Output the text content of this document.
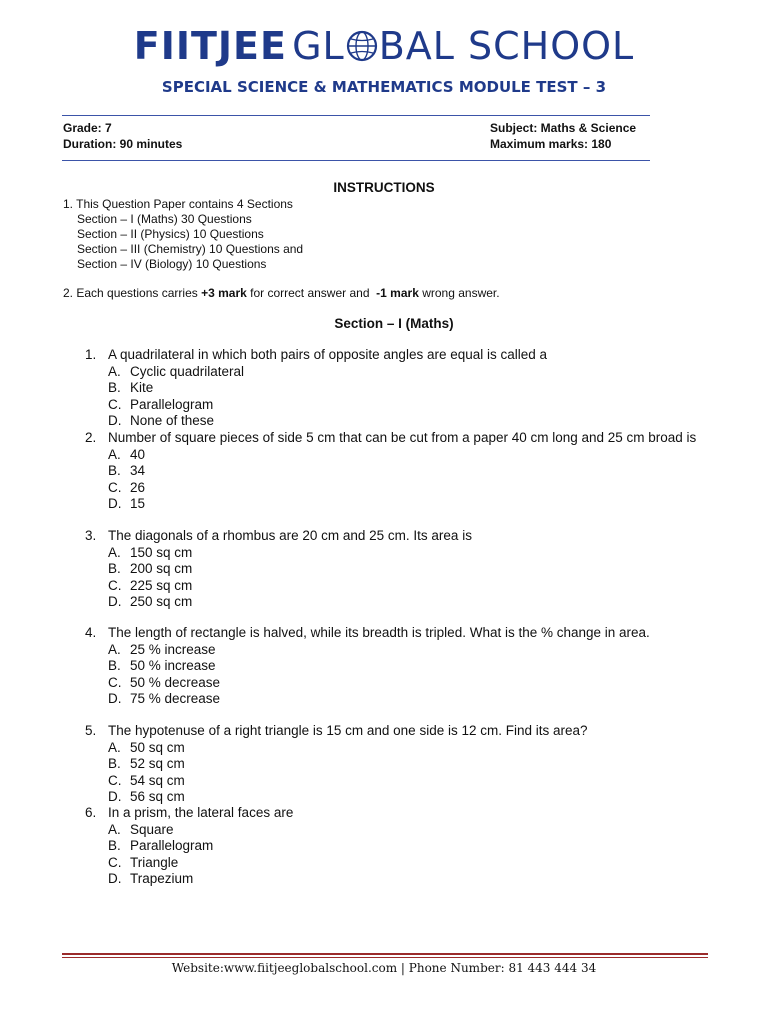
FIITJEE GL BAL SCHOOL
SPECIAL SCIENCE & MATHEMATICS MODULE TEST – 3
Grade: 7
Duration: 90 minutes
Subject: Maths & Science
Maximum marks: 180
INSTRUCTIONS
1. This Question Paper contains 4 Sections
Section – I (Maths) 30 Questions
Section – II (Physics) 10 Questions
Section – III (Chemistry) 10 Questions and
Section – IV (Biology) 10 Questions
2. Each questions carries +3 mark for correct answer and  -1 mark wrong answer.
Section – I (Maths)
1. A quadrilateral in which both pairs of opposite angles are equal is called a
A. Cyclic quadrilateral
B. Kite
C. Parallelogram
D. None of these
2. Number of square pieces of side 5 cm that can be cut from a paper 40 cm long and 25 cm broad is
A. 40
B. 34
C. 26
D. 15
3. The diagonals of a rhombus are 20 cm and 25 cm. Its area is
A. 150 sq cm
B. 200 sq cm
C. 225 sq cm
D. 250 sq cm
4. The length of rectangle is halved, while its breadth is tripled. What is the % change in area.
A. 25 % increase
B. 50 % increase
C. 50 % decrease
D. 75 % decrease
5. The hypotenuse of a right triangle is 15 cm and one side is 12 cm. Find its area?
A. 50 sq cm
B. 52 sq cm
C. 54 sq cm
D. 56 sq cm
6. In a prism, the lateral faces are
A. Square
B. Parallelogram
C. Triangle
D. Trapezium
Website:www.fiitjeeglobalschool.com | Phone Number: 81 443 444 34
